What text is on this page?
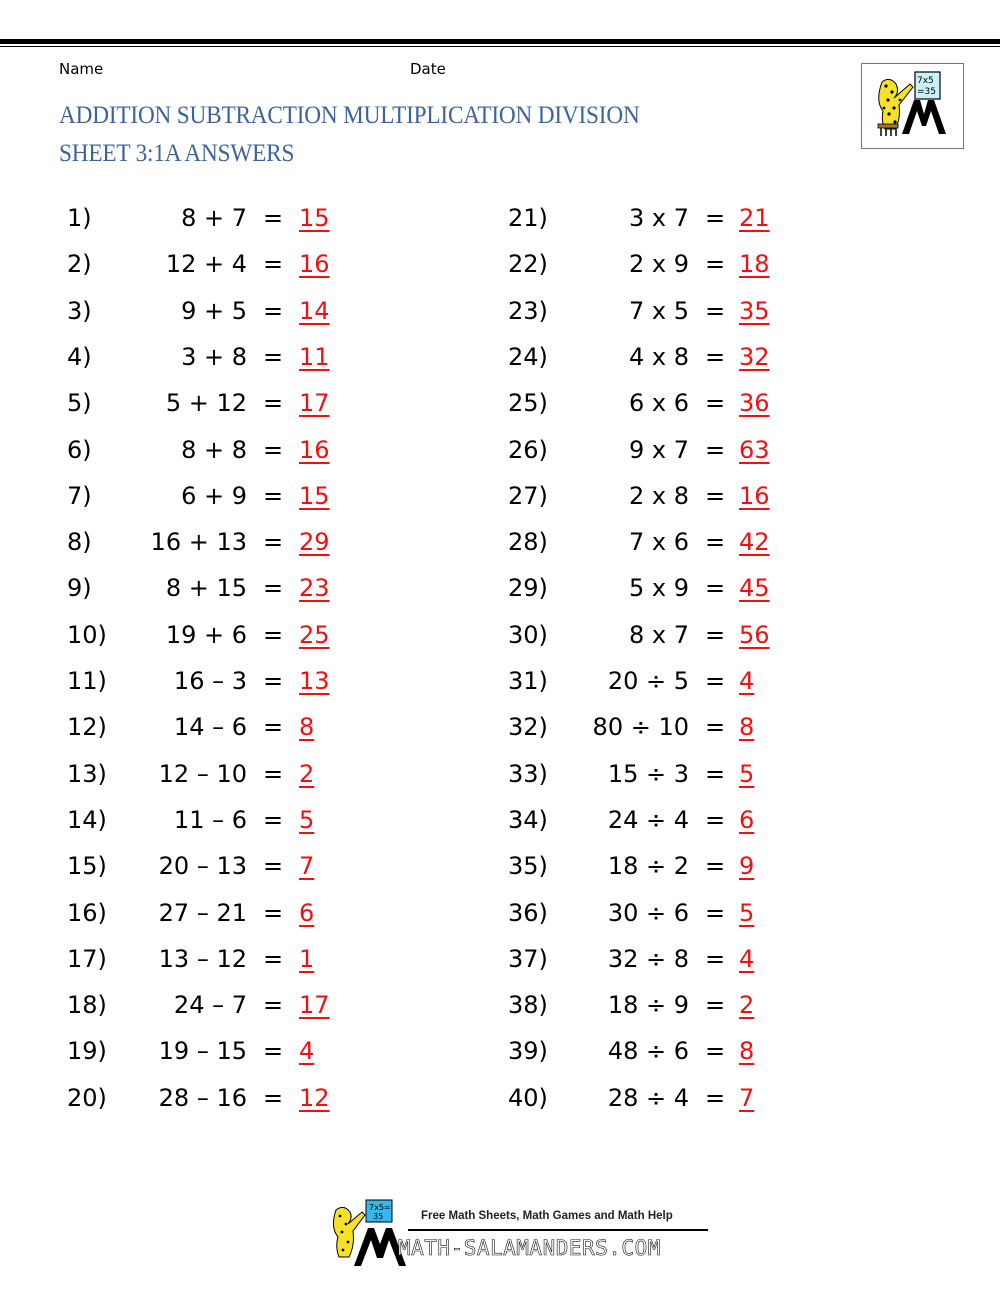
Name	Date
ADDITION SUBTRACTION MULTIPLICATION DIVISION
SHEET 3:1A ANSWERS
7x5
=35
1)	8 + 7 = 15
2)	12 + 4 = 16
3)	9 + 5 = 14
4)	3 + 8 = 11
5)	5 + 12 = 17
6)	8 + 8 = 16
7)	6 + 9 = 15
8) 16 + 13 = 29
9)	8 + 15 = 23
10) 19 + 6 = 25
11)	16 – 3 = 13
12)	14 – 6 = 8
13) 12 – 10 = 2
14)	11 – 6 = 5
15) 20 – 13 = 7
16) 27 – 21 = 6
17) 13 – 12 = 1
18)	24 – 7 = 17
19) 19 – 15 = 4
20) 28 – 16 = 12
21)	3 x 7 = 21
22)	2 x 9 = 18
23)	7 x 5 = 35
24)	4 x 8 = 32
25)	6 x 6 = 36
26)	9 x 7 = 63
27)	2 x 8 = 16
28)	7 x 6 = 42
29)	5 x 9 = 45
30)	8 x 7 = 56
31) 20 ÷ 5 = 4
32) 80 ÷ 10 = 8
33) 15 ÷ 3 = 5
34) 24 ÷ 4 = 6
35) 18 ÷ 2 = 9
36) 30 ÷ 6 = 5
37) 32 ÷ 8 = 4
38) 18 ÷ 9 = 2
39) 48 ÷ 6 = 8
40) 28 ÷ 4 = 7
7x5=
35	Free Math Sheets, Math Games and Math Help
MATH-SALAMANDERS.COM
